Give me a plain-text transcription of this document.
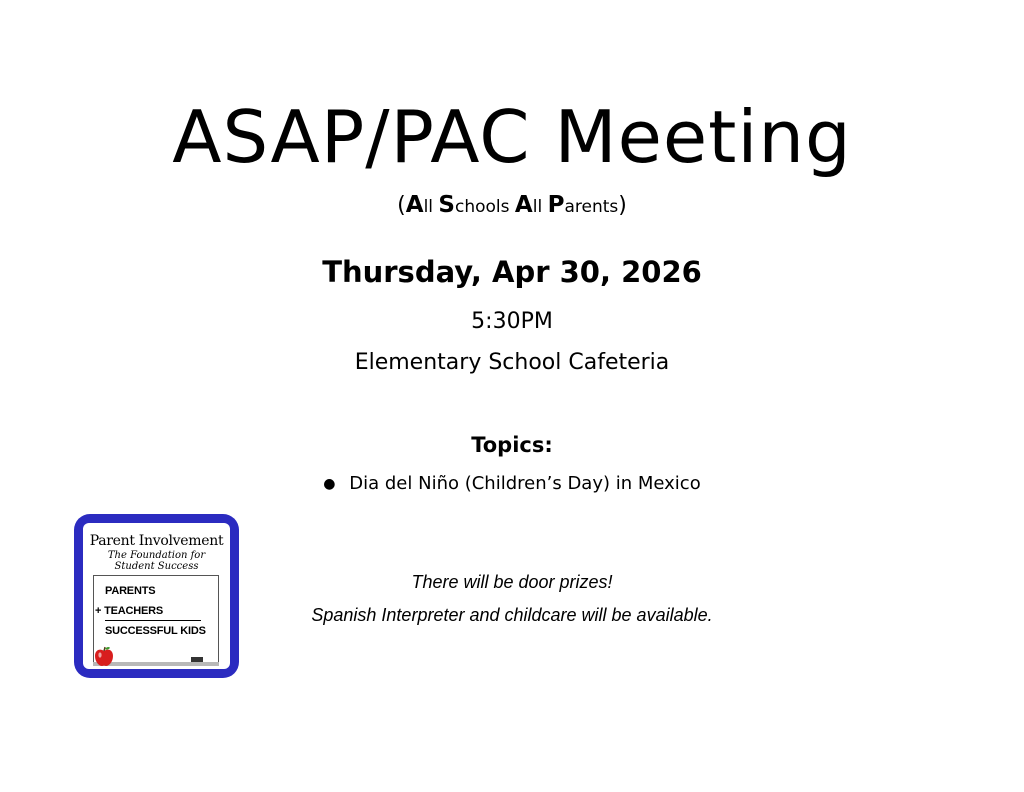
ASAP/PAC Meeting
(All Schools All Parents)
Thursday, Apr 30, 2026
5:30PM
Elementary School Cafeteria
Topics:
● Dia del Niño (Children’s Day) in Mexico
There will be door prizes!
Spanish Interpreter and childcare will be available.
Parent Involvement
The Foundation for
Student Success
PARENTS
+ TEACHERS
SUCCESSFUL KIDS
